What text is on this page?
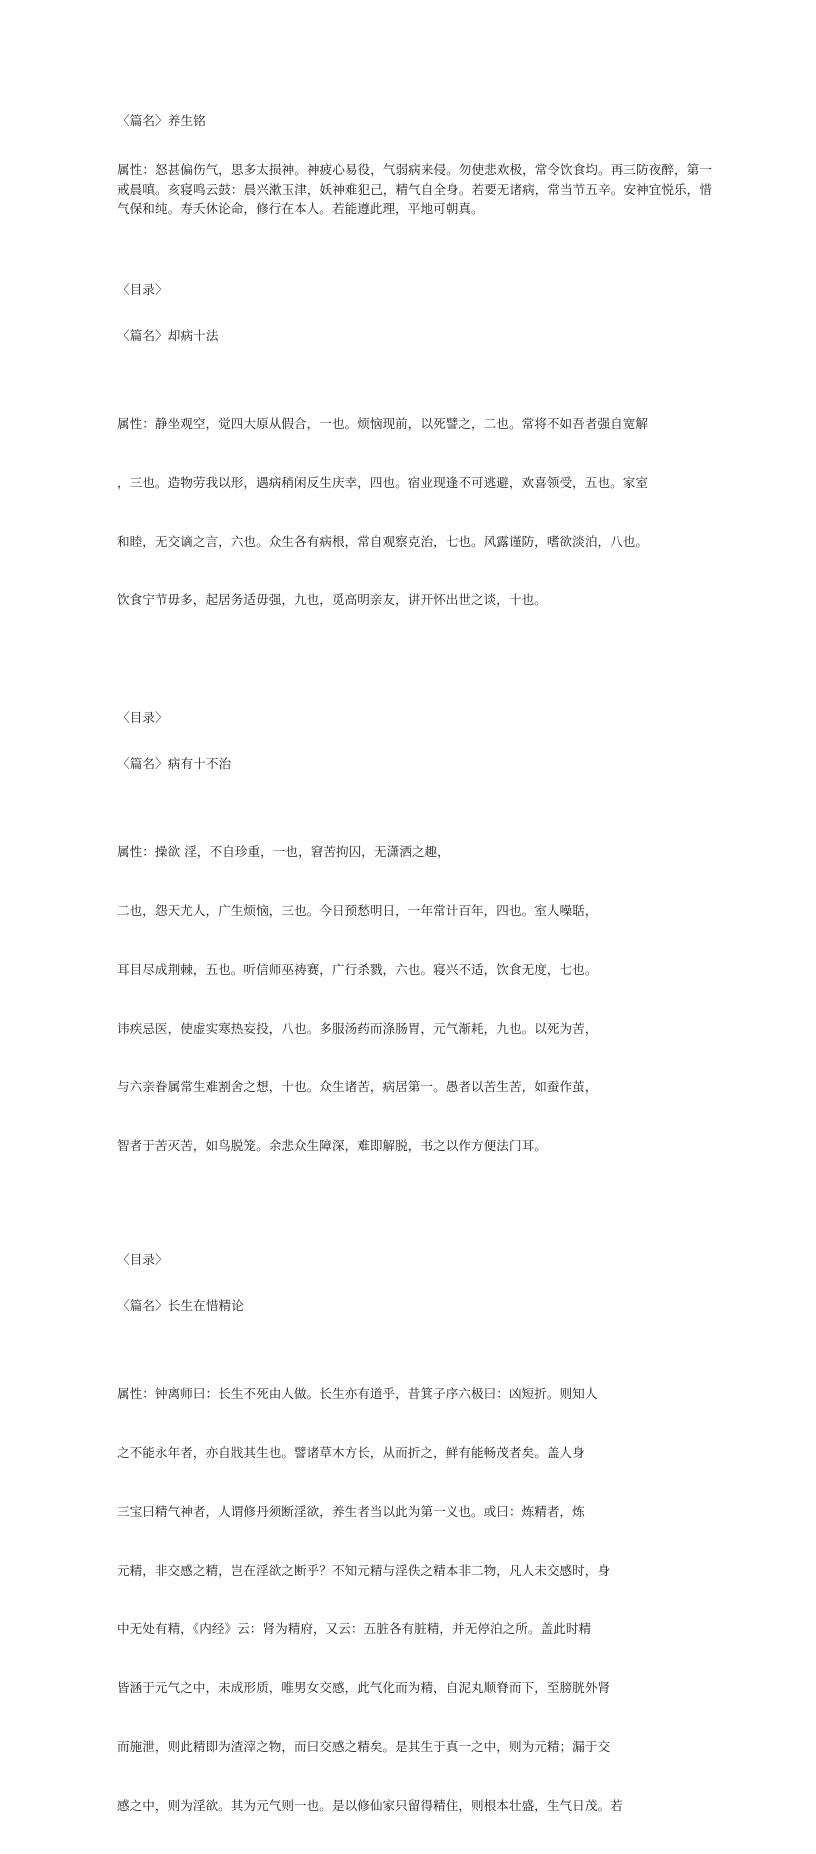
〈篇名〉养生铭
属性：怒甚偏伤气，思多太损神。神疲心易役，气弱病来侵。勿使悲欢极，常令饮食均。再三防夜醉，第一戒晨嗔。亥寝鸣云鼓：晨兴漱玉津，妖神难犯己，精气自全身。若要无诸病，常当节五辛。安神宜悦乐，惜气保和纯。寿夭休论命，修行在本人。若能遵此理，平地可朝真。
〈目录〉
〈篇名〉却病十法

属性：静坐观空，觉四大原从假合，一也。烦恼现前，以死譬之，二也。常将不如吾者强自宽解

，三也。造物劳我以形，遇病稍闲反生庆幸，四也。宿业现逢不可逃避，欢喜领受，五也。家室

和睦，无交谪之言，六也。众生各有病根，常自观察克治，七也。风露谨防，嗜欲淡泊，八也。

饮食宁节毋多，起居务适毋强，九也，觅高明亲友，讲开怀出世之谈，十也。

〈目录〉
〈篇名〉病有十不治

属性：操欲 淫，不自珍重，一也，窘苦拘囚，无潇洒之趣，

二也，怨天尤人，广生烦恼，三也。今日预愁明日，一年常计百年，四也。室人噪聒，

耳目尽成荆棘，五也。听信师巫祷赛，广行杀戮，六也。寝兴不适，饮食无度，七也。

讳疾忌医，使虚实寒热妄投，八也。多服汤药而涤肠胃，元气渐耗，九也。以死为苦，

与六亲眷属常生难割舍之想，十也。众生诸苦，病居第一。愚者以苦生苦，如蚕作茧，

智者于苦灭苦，如鸟脱笼。余悲众生障深，难即解脱，书之以作方便法门耳。

〈目录〉
〈篇名〉长生在惜精论

属性：钟离师曰：长生不死由人做。长生亦有道乎，昔箕子序六极曰：凶短折。则知人

之不能永年者，亦自戕其生也。譬诸草木方长，从而折之，鲜有能畅茂者矣。盖人身

三宝曰精气神者，人谓修丹须断淫欲，养生者当以此为第一义也。或曰：炼精者，炼

元精，非交感之精，岂在淫欲之断乎？不知元精与淫佚之精本非二物，凡人未交感时，身

中无处有精，《内经》云：肾为精府，又云：五脏各有脏精，并无停泊之所。盖此时精

皆涵于元气之中，未成形质，唯男女交感，此气化而为精，自泥丸顺脊而下，至膀胱外肾

而施泄，则此精即为渣滓之物，而曰交感之精矣。是其生于真一之中，则为元精；漏于交

感之中，则为淫欲。其为元气则一也。是以修仙家只留得精住，则根本壮盛，生气日茂。若
